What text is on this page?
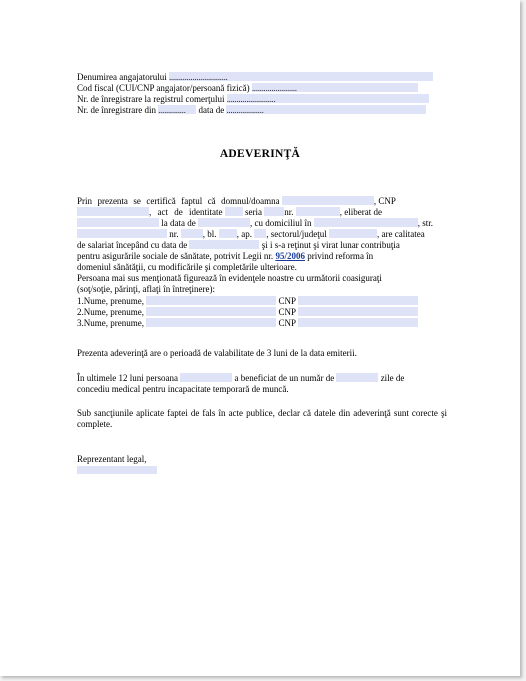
Denumirea angajatorului ..............................
Cod fiscal (CUI/CNP angajator/persoană fizică) .......................
Nr. de înregistrare la registrul comerţului .........................
Nr. de înregistrare din .............. data de ...................
ADEVERINŢĂ
Prin prezenta se certifică faptul că domnul/doamna	, CNP
, act de identitate	seria nr.	, eliberat de
la data de	, cu domiciliul în	, str.
nr.	, bl. , ap. , sectorul/judeţul	, are calitatea
de salariat începând cu data de	şi i s-a reţinut şi virat lunar contribuţia
pentru asigurările sociale de sănătate, potrivit Legii nr. 95/2006 privind reforma în
domeniul sănătăţii, cu modificările şi completările ulterioare.
Persoana mai sus menţionată figurează în evidenţele noastre cu următorii coasiguraţi
(soţ/soţie, părinţi, aflaţi în întreţinere):
1.Nume, prenume,	CNP
2.Nume, prenume,	CNP
3.Nume, prenume,	CNP
Prezenta adeverinţă are o perioadă de valabilitate de 3 luni de la data emiterii.
În ultimele 12 luni persoana	a beneficiat de un număr de	zile de
concediu medical pentru incapacitate temporară de muncă.
Sub sancţiunile aplicate faptei de fals în acte publice, declar că datele din adeverinţă sunt corecte şi complete.
Reprezentant legal,
